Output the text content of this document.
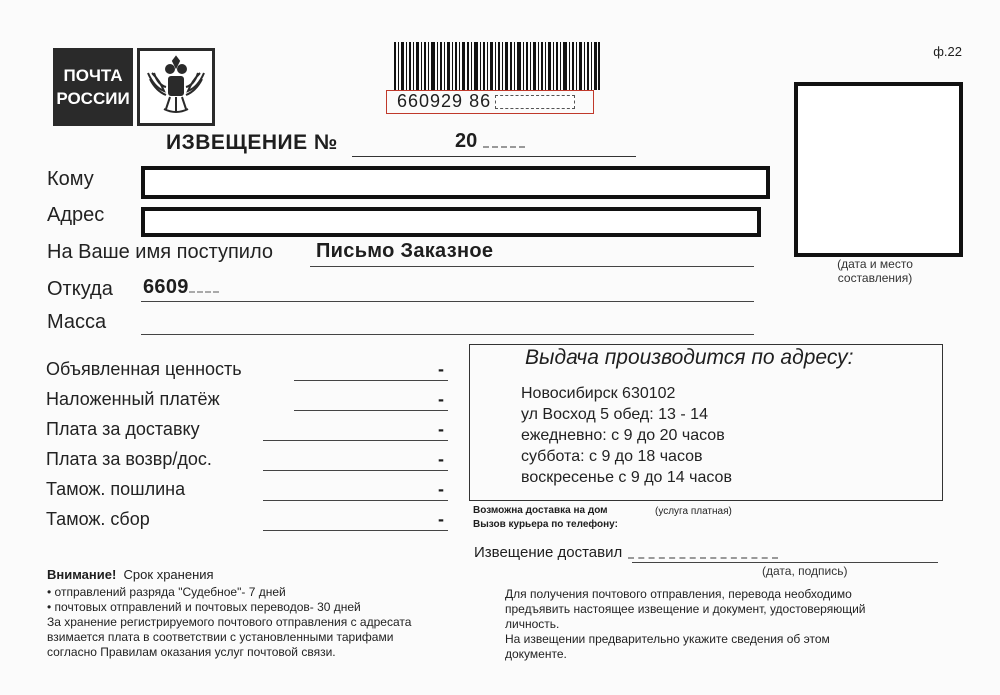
ПОЧТА
РОССИИ	660929 86
ф.22
ИЗВЕЩЕНИЕ №	20
(дата и место
составления)
Кому
Адрес
На Ваше имя поступило Письмо Заказное
Откуда 6609
Масса
Объявленная ценность	-
Наложенный платёж	-
Плата за доставку	-
Плата за возвр/дос.	-
Тамож. пошлина	-
Тамож. сбор	-
Выдача производится по адресу:
Новосибирск 630102
ул Восход 5 обед: 13 - 14
ежедневно: с 9 до 20 часов
суббота: с 9 до 18 часов
воскресенье с 9 до 14 часов
Возможна доставка на дом	(услуга платная)
Вызов курьера по телефону:
Извещение доставил
(дата, подпись)
Внимание! Срок хранения
• отправлений разряда "Судебное"- 7 дней
• почтовых отправлений и почтовых переводов- 30 дней
За хранение регистрируемого почтового отправления с адресата
взимается плата в соответствии с установленными тарифами
согласно Правилам оказания услуг почтовой связи.
Для получения почтового отправления, перевода необходимо
предъявить настоящее извещение и документ, удостоверяющий
личность.
На извещении предварительно укажите сведения об этом
документе.
